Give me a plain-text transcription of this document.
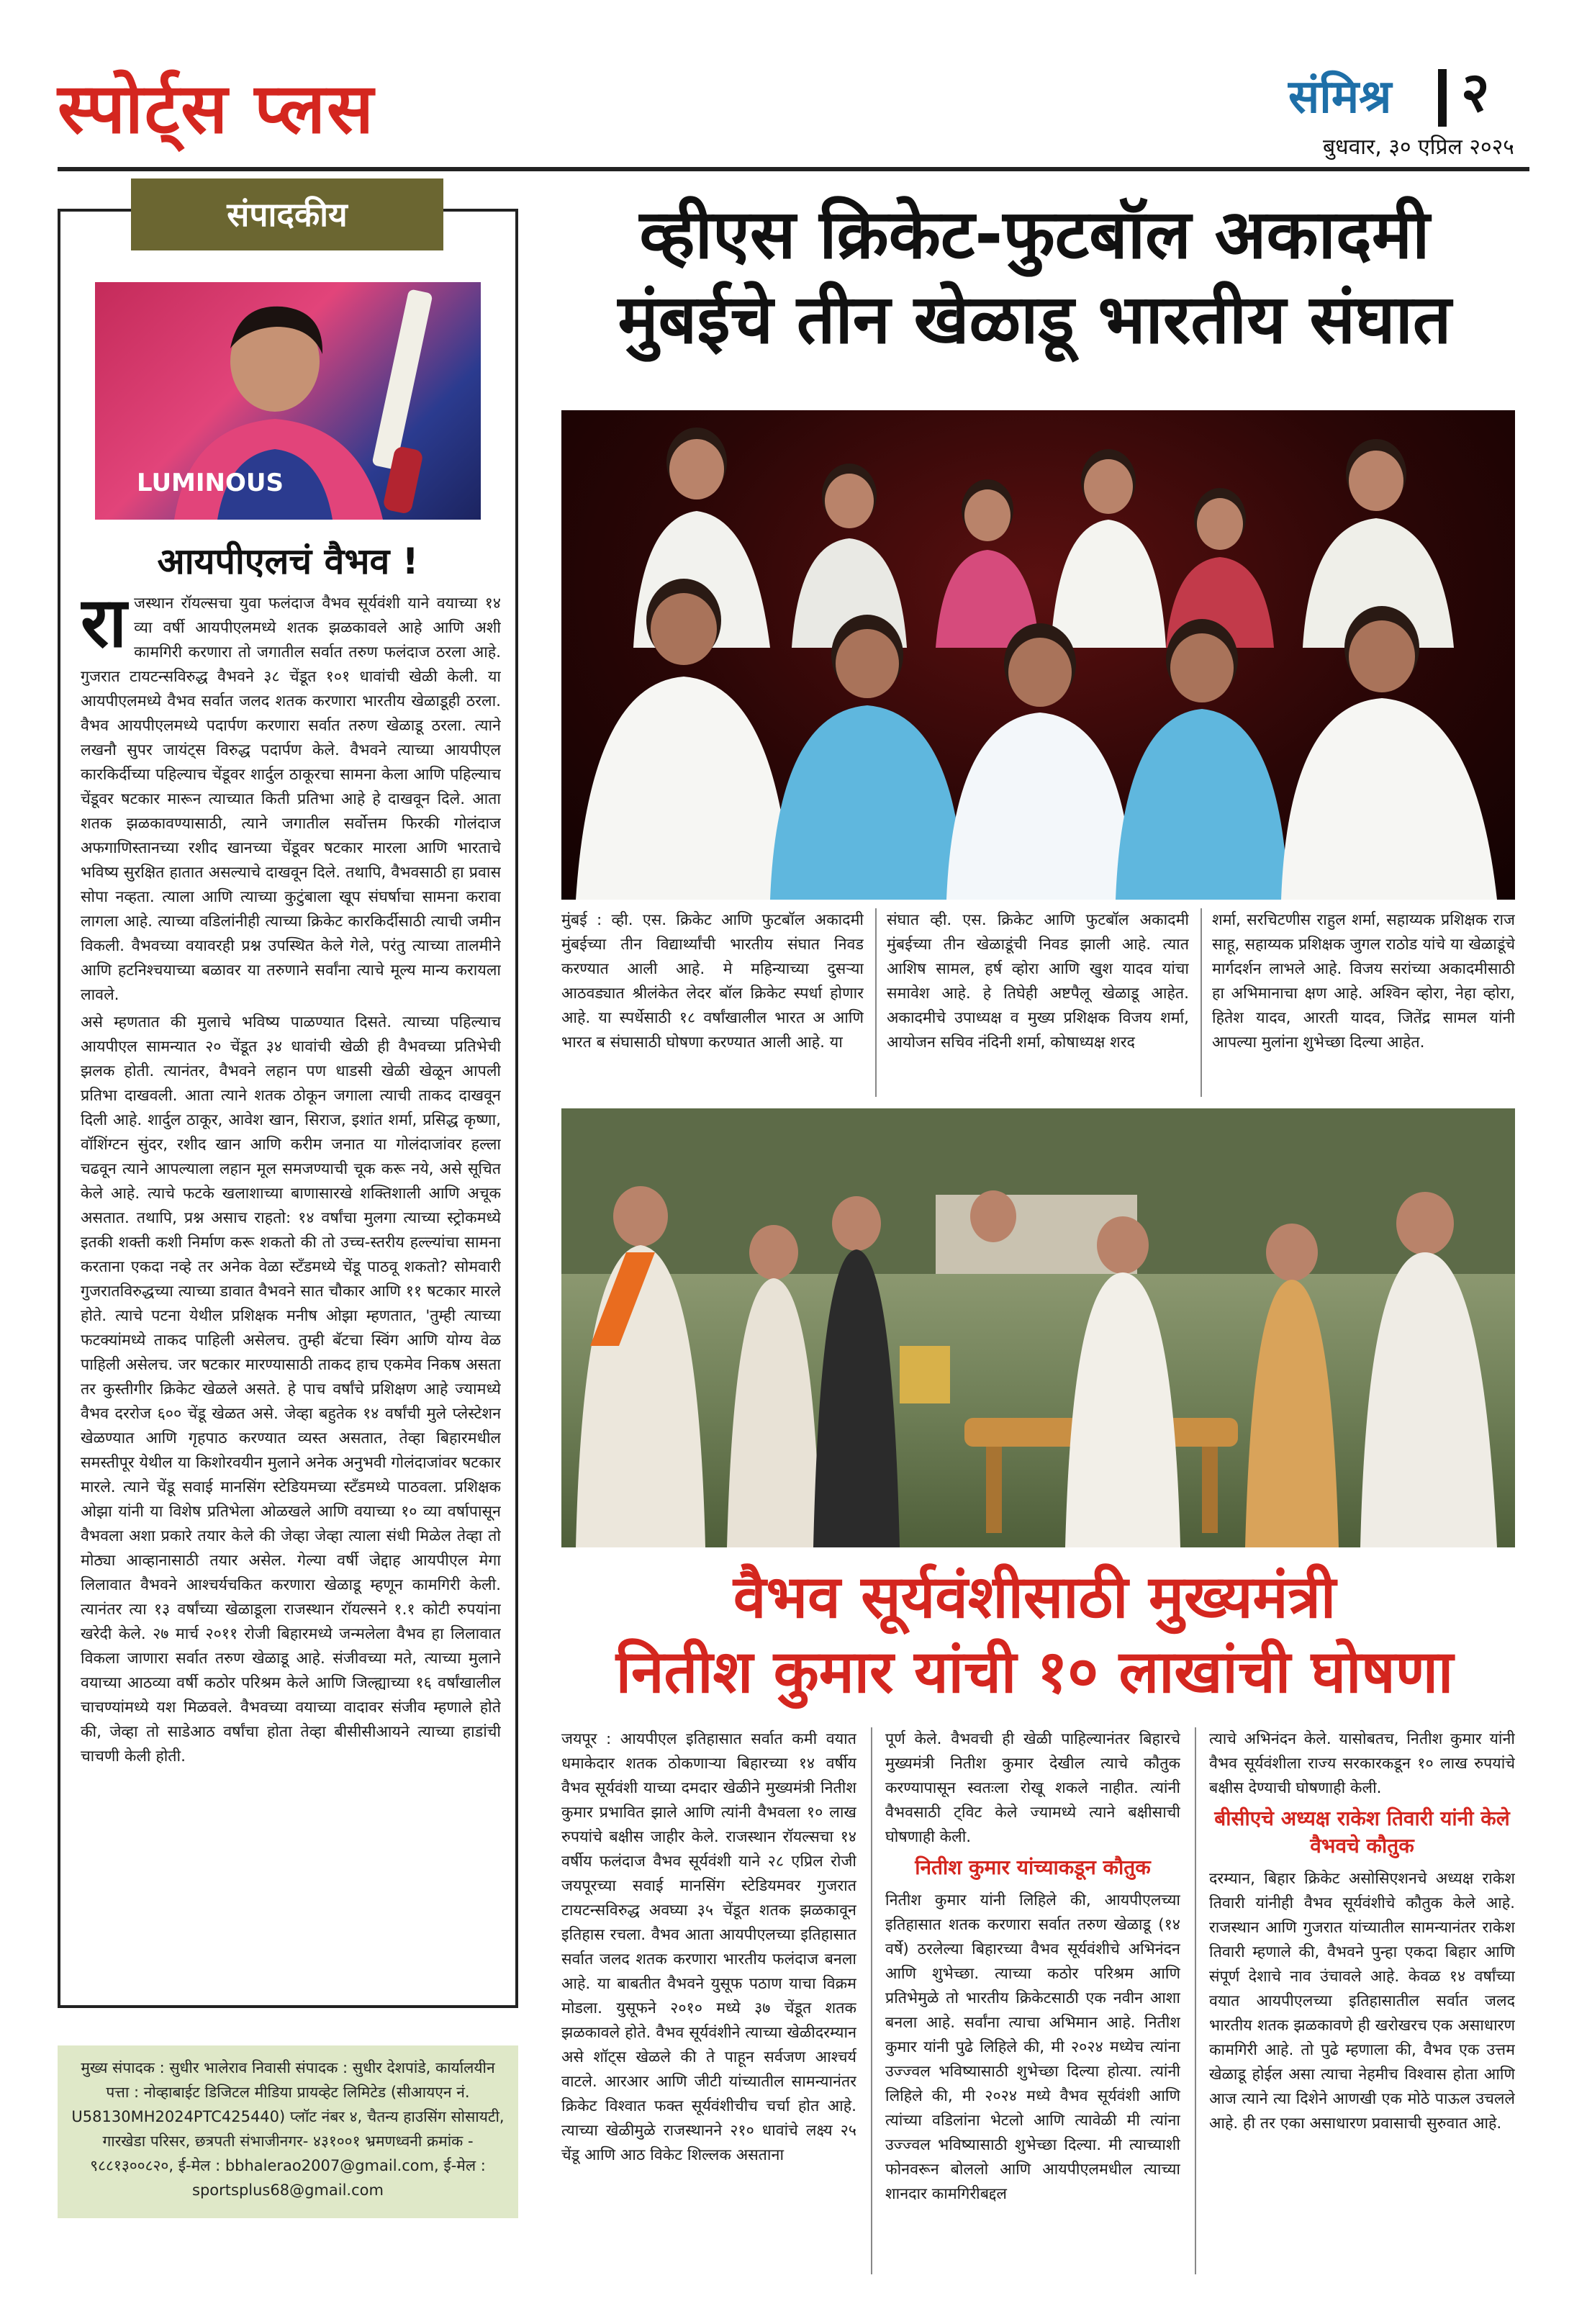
स्पोर्ट्स प्लस	संमिश्र २
बुधवार, ३० एप्रिल २०२५
संपादकीय
LUMINOUS
आयपीएलचं वैभव !

राजस्थान रॉयल्सचा युवा फलंदाज वैभव सूर्यवंशी याने वयाच्या १४ व्या वर्षी आयपीएलमध्ये शतक झळकावले आहे आणि अशी कामगिरी करणारा तो जगातील सर्वात तरुण फलंदाज ठरला आहे. गुजरात टायटन्सविरुद्ध वैभवने ३८ चेंडूत १०१ धावांची खेळी केली. या आयपीएलमध्ये वैभव सर्वात जलद शतक करणारा भारतीय खेळाडूही ठरला. वैभव आयपीएलमध्ये पदार्पण करणारा सर्वात तरुण खेळाडू ठरला. त्याने लखनौ सुपर जायंट्स विरुद्ध पदार्पण केले. वैभवने त्याच्या आयपीएल कारकिर्दीच्या पहिल्याच चेंडूवर शार्दुल ठाकूरचा सामना केला आणि पहिल्याच चेंडूवर षटकार मारून त्याच्यात किती प्रतिभा आहे हे दाखवून दिले. आता शतक झळकावण्यासाठी, त्याने जगातील सर्वोत्तम फिरकी गोलंदाज अफगाणिस्तानच्या रशीद खानच्या चेंडूवर षटकार मारला आणि भारताचे भविष्य सुरक्षित हातात असल्याचे दाखवून दिले. तथापि, वैभवसाठी हा प्रवास सोपा नव्हता. त्याला आणि त्याच्या कुटुंबाला खूप संघर्षाचा सामना करावा लागला आहे. त्याच्या वडिलांनीही त्याच्या क्रिकेट कारकिर्दीसाठी त्याची जमीन विकली. वैभवच्या वयावरही प्रश्न उपस्थित केले गेले, परंतु त्याच्या तालमीने आणि हटनिश्चयाच्या बळावर या तरुणाने सर्वांना त्याचे मूल्य मान्य करायला लावले.

असे म्हणतात की मुलाचे भविष्य पाळण्यात दिसते. त्याच्या पहिल्याच आयपीएल सामन्यात २० चेंडूत ३४ धावांची खेळी ही वैभवच्या प्रतिभेची झलक होती. त्यानंतर, वैभवने लहान पण धाडसी खेळी खेळून आपली प्रतिभा दाखवली. आता त्याने शतक ठोकून जगाला त्याची ताकद दाखवून दिली आहे. शार्दुल ठाकूर, आवेश खान, सिराज, इशांत शर्मा, प्रसिद्ध कृष्णा, वॉशिंग्टन सुंदर, रशीद खान आणि करीम जनात या गोलंदाजांवर हल्ला चढवून त्याने आपल्याला लहान मूल समजण्याची चूक करू नये, असे सूचित केले आहे. त्याचे फटके खलाशाच्या बाणासारखे शक्तिशाली आणि अचूक असतात. तथापि, प्रश्न असाच राहतो: १४ वर्षांचा मुलगा त्याच्या स्ट्रोकमध्ये इतकी शक्ती कशी निर्माण करू शकतो की तो उच्च-स्तरीय हल्ल्यांचा सामना करताना एकदा नव्हे तर अनेक वेळा स्टँडमध्ये चेंडू पाठवू शकतो? सोमवारी गुजरातविरुद्धच्या त्याच्या डावात वैभवने सात चौकार आणि ११ षटकार मारले होते. त्याचे पटना येथील प्रशिक्षक मनीष ओझा म्हणतात, 'तुम्ही त्याच्या फटक्यांमध्ये ताकद पाहिली असेलच. तुम्ही बॅटचा स्विंग आणि योग्य वेळ पाहिली असेलच. जर षटकार मारण्यासाठी ताकद हाच एकमेव निकष असता तर कुस्तीगीर क्रिकेट खेळले असते. हे पाच वर्षांचे प्रशिक्षण आहे ज्यामध्ये वैभव दररोज ६०० चेंडू खेळत असे. जेव्हा बहुतेक १४ वर्षांची मुले प्लेस्टेशन खेळण्यात आणि गृहपाठ करण्यात व्यस्त असतात, तेव्हा बिहारमधील समस्तीपूर येथील या किशोरवयीन मुलाने अनेक अनुभवी गोलंदाजांवर षटकार मारले. त्याने चेंडू सवाई मानसिंग स्टेडियमच्या स्टँडमध्ये पाठवला. प्रशिक्षक ओझा यांनी या विशेष प्रतिभेला ओळखले आणि वयाच्या १० व्या वर्षापासून वैभवला अशा प्रकारे तयार केले की जेव्हा जेव्हा त्याला संधी मिळेल तेव्हा तो मोठ्या आव्हानासाठी तयार असेल. गेल्या वर्षी जेद्दाह आयपीएल मेगा लिलावात वैभवने आश्चर्यचकित करणारा खेळाडू म्हणून कामगिरी केली. त्यानंतर त्या १३ वर्षांच्या खेळाडूला राजस्थान रॉयल्सने १.१ कोटी रुपयांना खरेदी केले. २७ मार्च २०११ रोजी बिहारमध्ये जन्मलेला वैभव हा लिलावात विकला जाणारा सर्वात तरुण खेळाडू आहे. संजीवच्या मते, त्याच्या मुलाने वयाच्या आठव्या वर्षी कठोर परिश्रम केले आणि जिल्ह्याच्या १६ वर्षांखालील चाचण्यांमध्ये यश मिळवले. वैभवच्या वयाच्या वादावर संजीव म्हणाले होते की, जेव्हा तो साडेआठ वर्षांचा होता तेव्हा बीसीसीआयने त्याच्या हाडांची चाचणी केली होती.

मुख्य संपादक : सुधीर भालेराव निवासी संपादक : सुधीर देशपांडे, कार्यालयीन पत्ता : नोव्हाबाईट डिजिटल मीडिया प्रायव्हेट लिमिटेड (सीआयएन नं. U58130MH2024PTC425440) प्लॉट नंबर ४, चैतन्य हाउसिंग सोसायटी, गारखेडा परिसर, छत्रपती संभाजीनगर- ४३१००१ भ्रमणध्वनी क्रमांक - ९८८१३००८२०, ई-मेल : bbhalerao2007@gmail.com, ई-मेल : sportsplus68@gmail.com
व्हीएस क्रिकेट-फुटबॉल अकादमी
मुंबईचे तीन खेळाडू भारतीय संघात

मुंबई : व्ही. एस. क्रिकेट आणि फुटबॉल अकादमी मुंबईच्या तीन विद्यार्थ्यांची भारतीय संघात निवड करण्यात आली आहे. मे महिन्याच्या दुसऱ्या आठवड्यात श्रीलंकेत लेदर बॉल क्रिकेट स्पर्धा होणार आहे. या स्पर्धेसाठी १८ वर्षांखालील भारत अ आणि भारत ब संघासाठी घोषणा करण्यात आली आहे. या

संघात व्ही. एस. क्रिकेट आणि फुटबॉल अकादमी मुंबईच्या तीन खेळाडूंची निवड झाली आहे. त्यात आशिष सामल, हर्ष व्होरा आणि खुश यादव यांचा समावेश आहे. हे तिघेही अष्टपैलू खेळाडू आहेत. अकादमीचे उपाध्यक्ष व मुख्य प्रशिक्षक विजय शर्मा, आयोजन सचिव नंदिनी शर्मा, कोषाध्यक्ष शरद

शर्मा, सरचिटणीस राहुल शर्मा, सहाय्यक प्रशिक्षक राज साहू, सहाय्यक प्रशिक्षक जुगल राठोड यांचे या खेळाडूंचे मार्गदर्शन लाभले आहे. विजय सरांच्या अकादमीसाठी हा अभिमानाचा क्षण आहे. अश्विन व्होरा, नेहा व्होरा, हितेश यादव, आरती यादव, जितेंद्र सामल यांनी आपल्या मुलांना शुभेच्छा दिल्या आहेत.

वैभव सूर्यवंशीसाठी मुख्यमंत्री
नितीश कुमार यांची १० लाखांची घोषणा

जयपूर : आयपीएल इतिहासात सर्वात कमी वयात धमाकेदार शतक ठोकणाऱ्या बिहारच्या १४ वर्षीय वैभव सूर्यवंशी याच्या दमदार खेळीने मुख्यमंत्री नितीश कुमार प्रभावित झाले आणि त्यांनी वैभवला १० लाख रुपयांचे बक्षीस जाहीर केले. राजस्थान रॉयल्सचा १४ वर्षीय फलंदाज वैभव सूर्यवंशी याने २८ एप्रिल रोजी जयपूरच्या सवाई मानसिंग स्टेडियमवर गुजरात टायटन्सविरुद्ध अवघ्या ३५ चेंडूत शतक झळकावून इतिहास रचला. वैभव आता आयपीएलच्या इतिहासात सर्वात जलद शतक करणारा भारतीय फलंदाज बनला आहे. या बाबतीत वैभवने युसूफ पठाण याचा विक्रम मोडला. युसूफने २०१० मध्ये ३७ चेंडूत शतक झळकावले होते. वैभव सूर्यवंशीने त्याच्या खेळीदरम्यान असे शॉट्स खेळले की ते पाहून सर्वजण आश्चर्य वाटले. आरआर आणि जीटी यांच्यातील सामन्यानंतर क्रिकेट विश्वात फक्त सूर्यवंशीचीच चर्चा होत आहे. त्याच्या खेळीमुळे राजस्थानने २१० धावांचे लक्ष्य २५ चेंडू आणि आठ विकेट शिल्लक असताना

पूर्ण केले. वैभवची ही खेळी पाहिल्यानंतर बिहारचे मुख्यमंत्री नितीश कुमार देखील त्याचे कौतुक करण्यापासून स्वतःला रोखू शकले नाहीत. त्यांनी वैभवसाठी ट्विट केले ज्यामध्ये त्याने बक्षीसाची घोषणाही केली.

नितीश कुमार यांच्याकडून कौतुक

नितीश कुमार यांनी लिहिले की, आयपीएलच्या इतिहासात शतक करणारा सर्वात तरुण खेळाडू (१४ वर्षे) ठरलेल्या बिहारच्या वैभव सूर्यवंशीचे अभिनंदन आणि शुभेच्छा. त्याच्या कठोर परिश्रम आणि प्रतिभेमुळे तो भारतीय क्रिकेटसाठी एक नवीन आशा बनला आहे. सर्वांना त्याचा अभिमान आहे. नितीश कुमार यांनी पुढे लिहिले की, मी २०२४ मध्येच त्यांना उज्ज्वल भविष्यासाठी शुभेच्छा दिल्या होत्या. त्यांनी लिहिले की, मी २०२४ मध्ये वैभव सूर्यवंशी आणि त्यांच्या वडिलांना भेटलो आणि त्यावेळी मी त्यांना उज्ज्वल भविष्यासाठी शुभेच्छा दिल्या. मी त्याच्याशी फोनवरून बोललो आणि आयपीएलमधील त्याच्या शानदार कामगिरीबद्दल

त्याचे अभिनंदन केले. यासोबतच, नितीश कुमार यांनी वैभव सूर्यवंशीला राज्य सरकारकडून १० लाख रुपयांचे बक्षीस देण्याची घोषणाही केली.

बीसीएचे अध्यक्ष राकेश तिवारी यांनी केले वैभवचे कौतुक

दरम्यान, बिहार क्रिकेट असोसिएशनचे अध्यक्ष राकेश तिवारी यांनीही वैभव सूर्यवंशीचे कौतुक केले आहे. राजस्थान आणि गुजरात यांच्यातील सामन्यानंतर राकेश तिवारी म्हणाले की, वैभवने पुन्हा एकदा बिहार आणि संपूर्ण देशाचे नाव उंचावले आहे. केवळ १४ वर्षांच्या वयात आयपीएलच्या इतिहासातील सर्वात जलद भारतीय शतक झळकावणे ही खरोखरच एक असाधारण कामगिरी आहे. तो पुढे म्हणाला की, वैभव एक उत्तम खेळाडू होईल असा त्याचा नेहमीच विश्वास होता आणि आज त्याने त्या दिशेने आणखी एक मोठे पाऊल उचलले आहे. ही तर एका असाधारण प्रवासाची सुरुवात आहे.
